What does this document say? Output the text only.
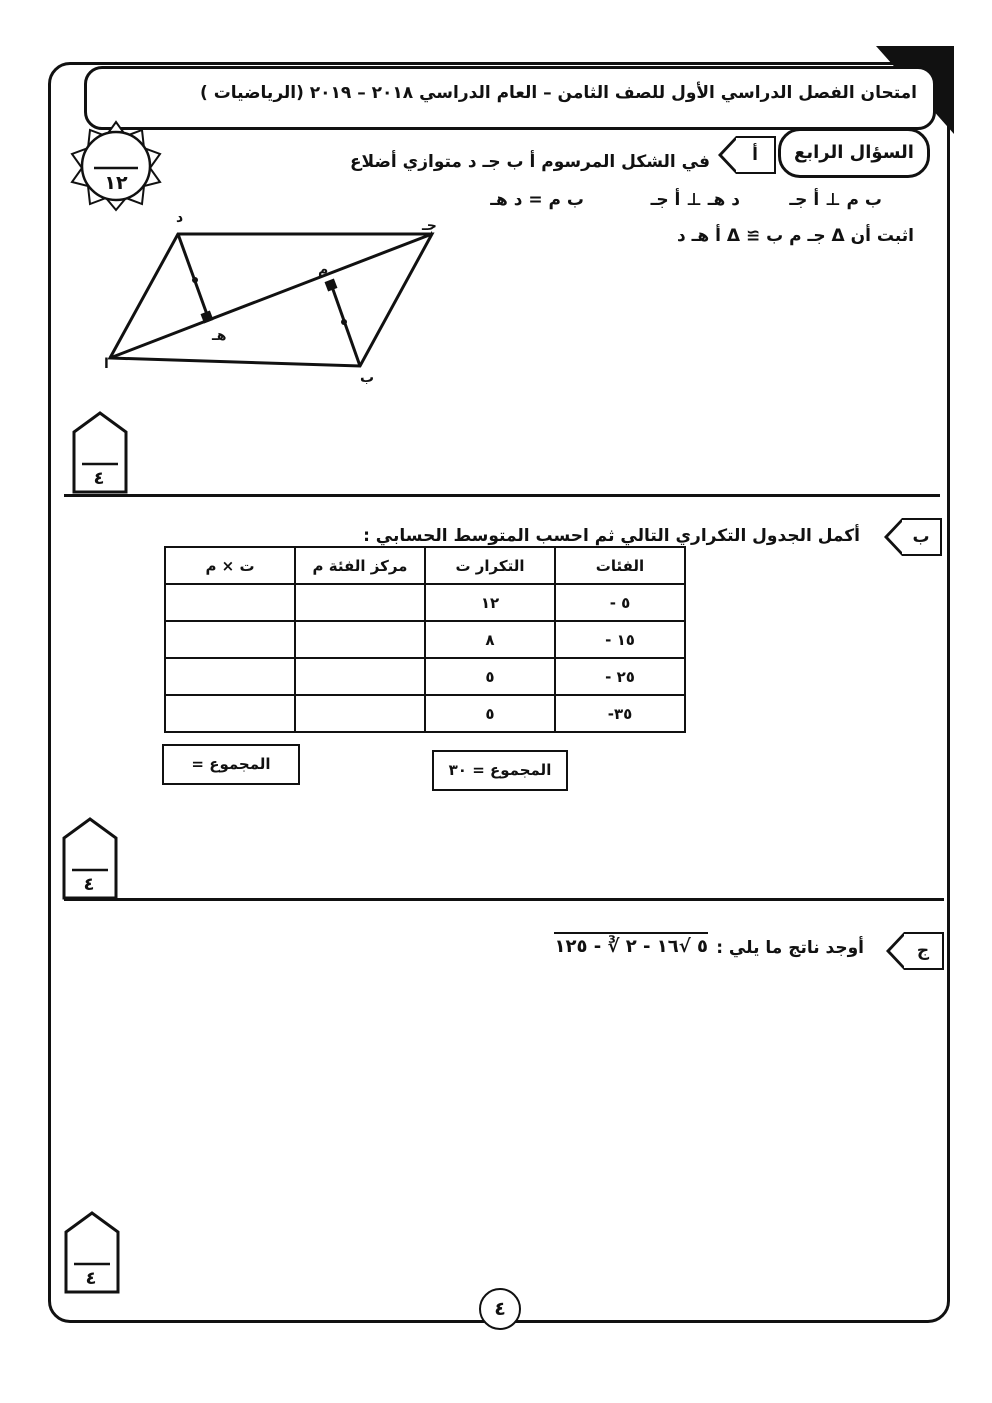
امتحان الفصل الدراسي الأول للصف الثامن – العام الدراسي ٢٠١٨ – ٢٠١٩ (الرياضيات )
١٢
السؤال الرابع
أ
في الشكل المرسوم أ ب جـ د متوازي أضلاع
ب م ⊥ أ جـ
د هـ ⊥ أ جـ
ب م = د هـ
اثبت أن Δ جـ م ب ≅ Δ أ هـ د
ا
ب
جـ
د
هـ
م
٤
ب
أكمل الجدول التكراري التالي ثم احسب المتوسط الحسابي :
ت × م	مركز الفئة م	التكرار ت	الفئات
		١٢	٥ -
		٨	١٥ -
		٥	٢٥ -
		٥	٣٥-
المجموع =	المجموع = ٣٠
٤
ج
أوجد ناتج ما يلي :
٥ √١٦ - ٢ ∛ - ١٢٥
٤
٤
